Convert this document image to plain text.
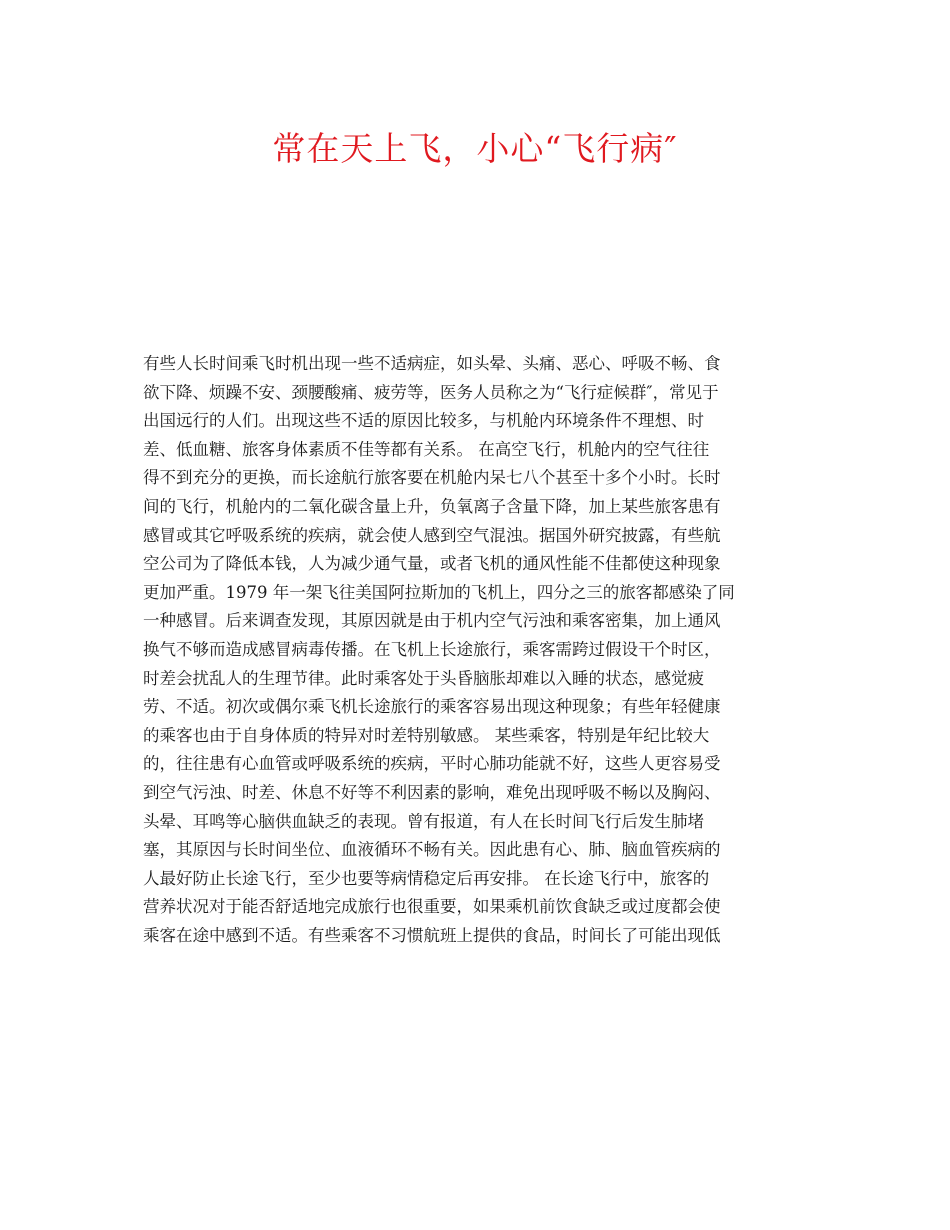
常在天上飞，小心“飞行病″
有些人长时间乘飞时机出现一些不适病症，如头晕、头痛、恶心、呼吸不畅、食
欲下降、烦躁不安、颈腰酸痛、疲劳等，医务人员称之为“飞行症候群″，常见于
出国远行的人们。出现这些不适的原因比较多，与机舱内环境条件不理想、时
差、低血糖、旅客身体素质不佳等都有关系。 在高空飞行，机舱内的空气往往
得不到充分的更换，而长途航行旅客要在机舱内呆七八个甚至十多个小时。长时
间的飞行，机舱内的二氧化碳含量上升，负氧离子含量下降，加上某些旅客患有
感冒或其它呼吸系统的疾病，就会使人感到空气混浊。据国外研究披露，有些航
空公司为了降低本钱，人为减少通气量，或者飞机的通风性能不佳都使这种现象
更加严重。1979 年一架飞往美国阿拉斯加的飞机上，四分之三的旅客都感染了同
一种感冒。后来调查发现，其原因就是由于机内空气污浊和乘客密集，加上通风
换气不够而造成感冒病毒传播。在飞机上长途旅行，乘客需跨过假设干个时区，
时差会扰乱人的生理节律。此时乘客处于头昏脑胀却难以入睡的状态，感觉疲
劳、不适。初次或偶尔乘飞机长途旅行的乘客容易出现这种现象；有些年轻健康
的乘客也由于自身体质的特异对时差特别敏感。 某些乘客，特别是年纪比较大
的，往往患有心血管或呼吸系统的疾病，平时心肺功能就不好，这些人更容易受
到空气污浊、时差、休息不好等不利因素的影响，难免出现呼吸不畅以及胸闷、
头晕、耳鸣等心脑供血缺乏的表现。曾有报道，有人在长时间飞行后发生肺堵
塞，其原因与长时间坐位、血液循环不畅有关。因此患有心、肺、脑血管疾病的
人最好防止长途飞行，至少也要等病情稳定后再安排。 在长途飞行中，旅客的
营养状况对于能否舒适地完成旅行也很重要，如果乘机前饮食缺乏或过度都会使
乘客在途中感到不适。有些乘客不习惯航班上提供的食品，时间长了可能出现低
